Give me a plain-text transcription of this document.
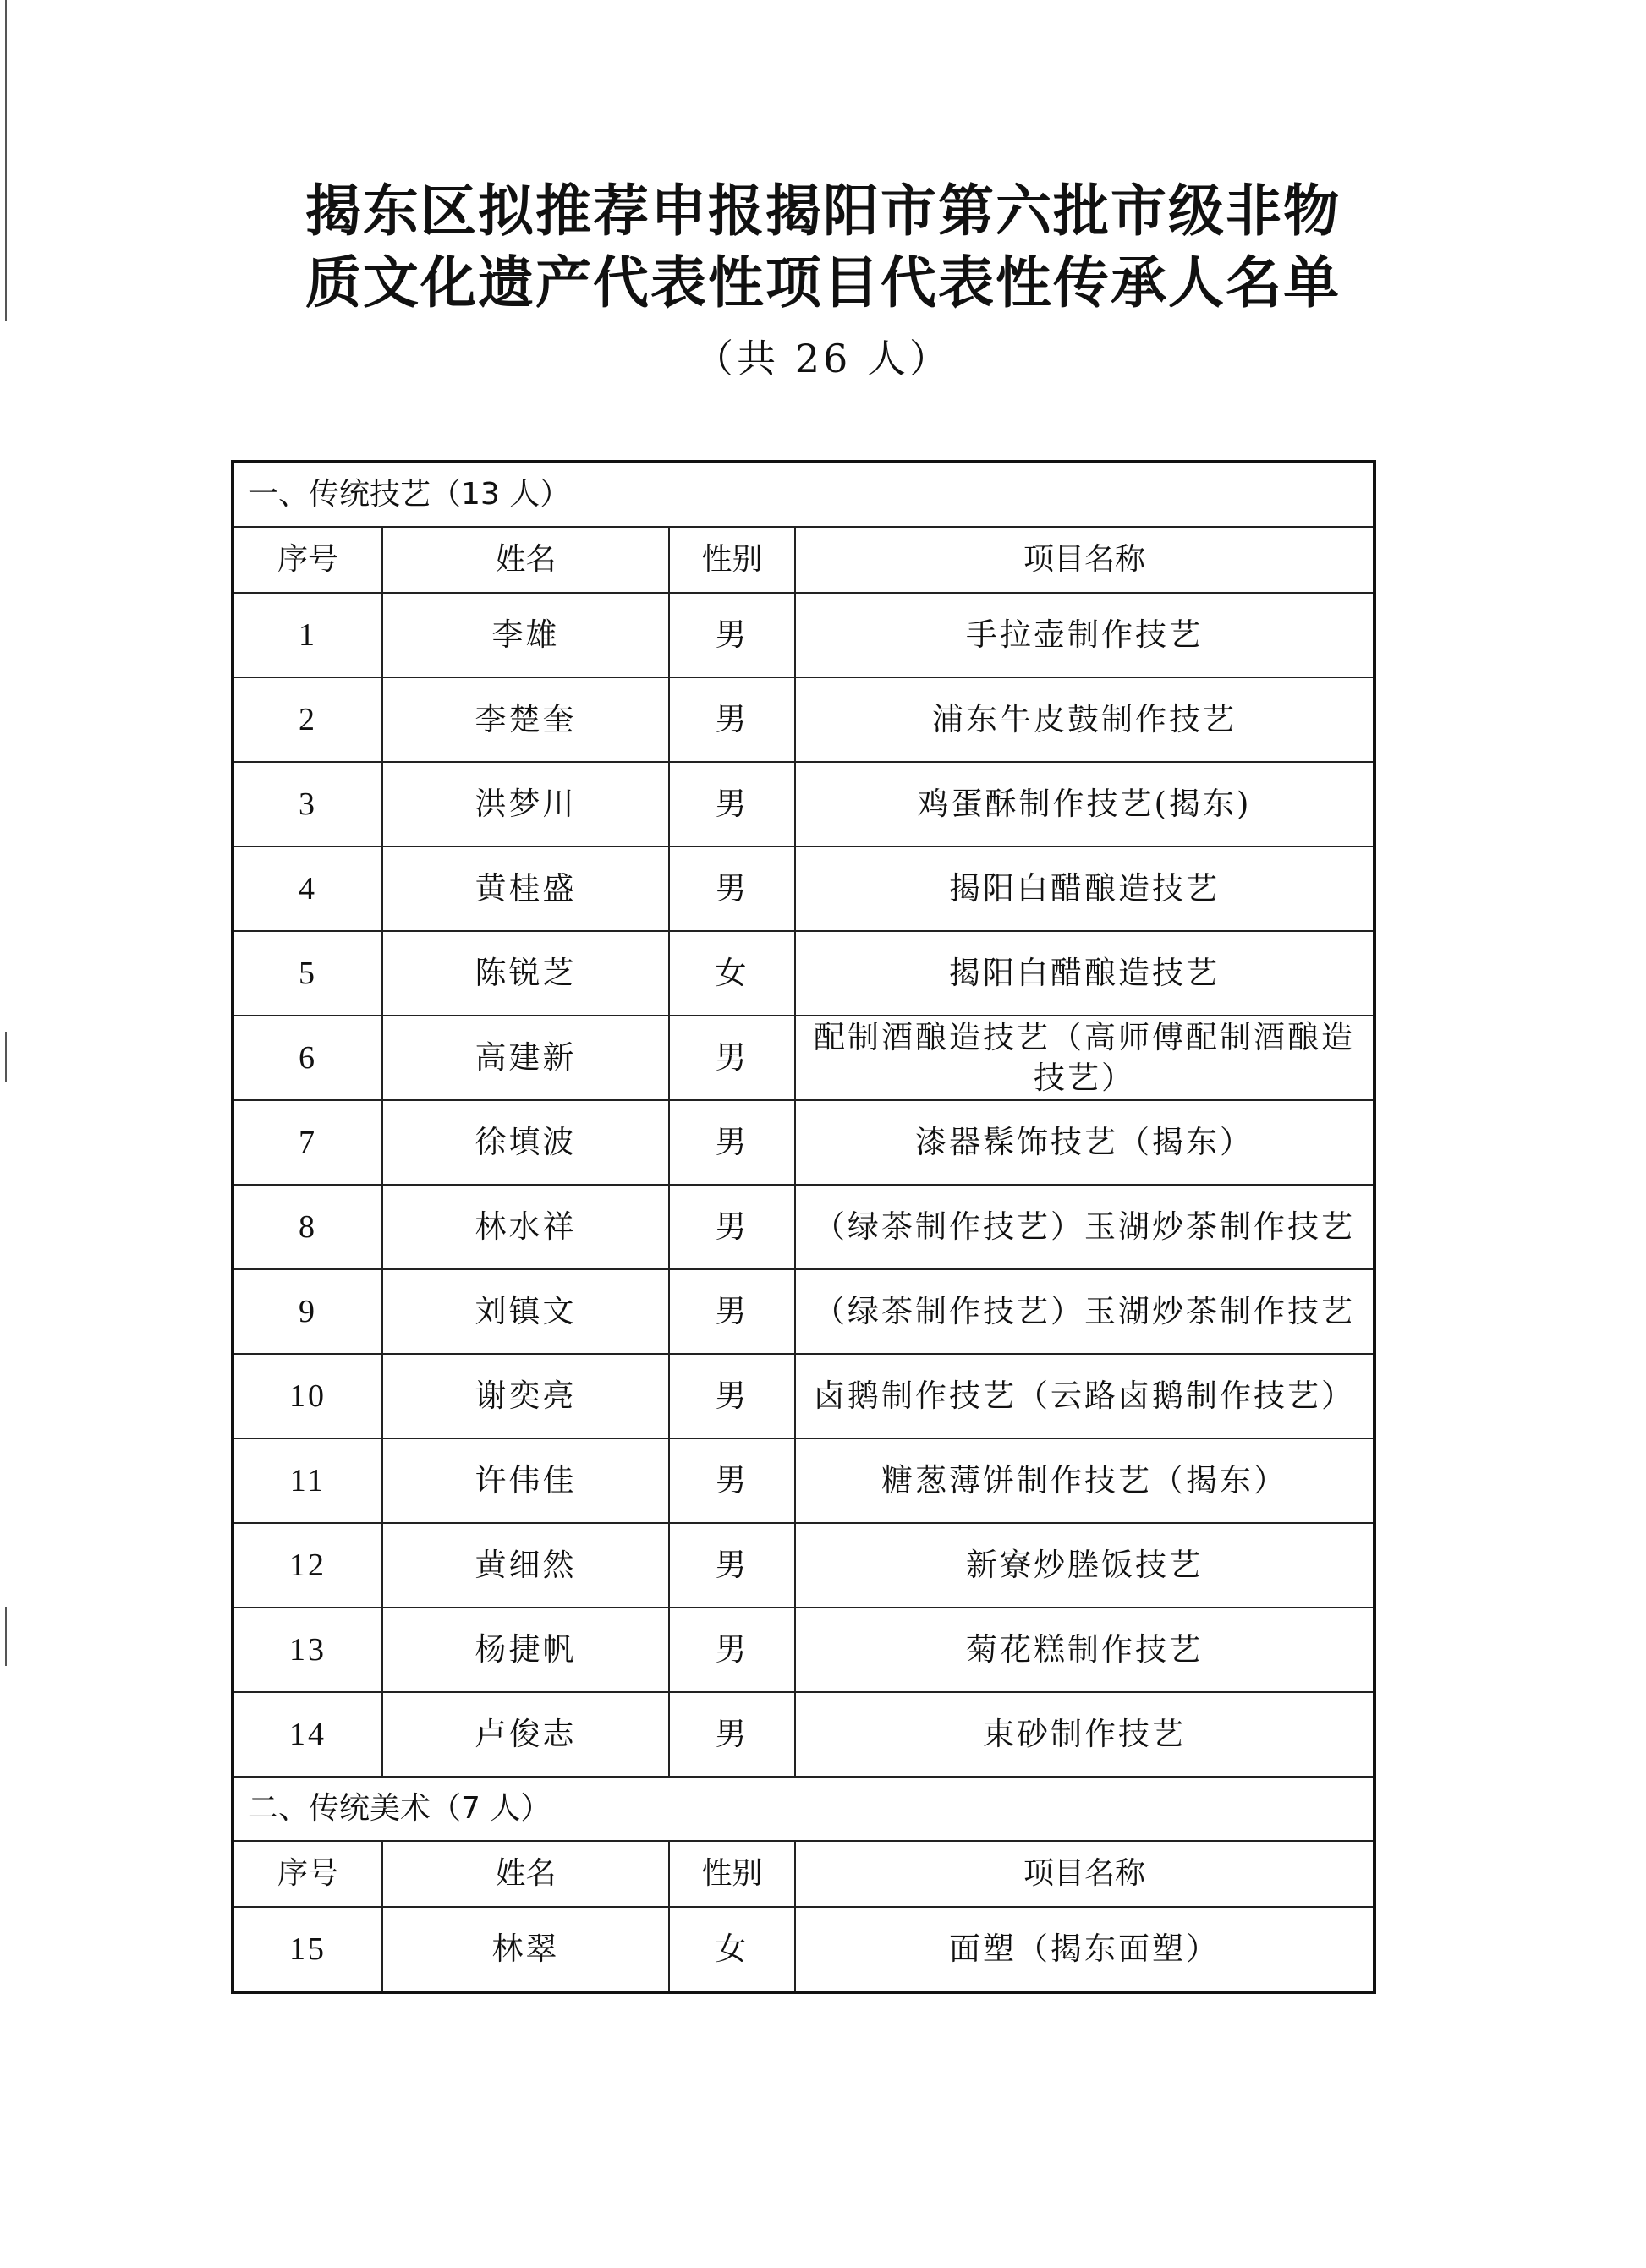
揭东区拟推荐申报揭阳市第六批市级非物
质文化遗产代表性项目代表性传承人名单
（共 26 人）
一、传统技艺（13 人）			
序号	姓名	性别	项目名称
1	李雄	男	手拉壶制作技艺
2	李楚奎	男	浦东牛皮鼓制作技艺
3	洪梦川	男	鸡蛋酥制作技艺(揭东)
4	黄桂盛	男	揭阳白醋酿造技艺
5	陈锐芝	女	揭阳白醋酿造技艺
6	高建新	男	配制酒酿造技艺（高师傅配制酒酿造技艺）
7	徐填波	男	漆器髹饰技艺（揭东）
8	林水祥	男	（绿茶制作技艺）玉湖炒茶制作技艺
9	刘镇文	男	（绿茶制作技艺）玉湖炒茶制作技艺
10	谢奕亮	男	卤鹅制作技艺（云路卤鹅制作技艺）
11	许伟佳	男	糖葱薄饼制作技艺（揭东）
12	黄细然	男	新寮炒塍饭技艺
13	杨捷帆	男	菊花糕制作技艺
14	卢俊志	男	束砂制作技艺
二、传统美术（7 人）			
序号	姓名	性别	项目名称
15	林翠	女	面塑（揭东面塑）
